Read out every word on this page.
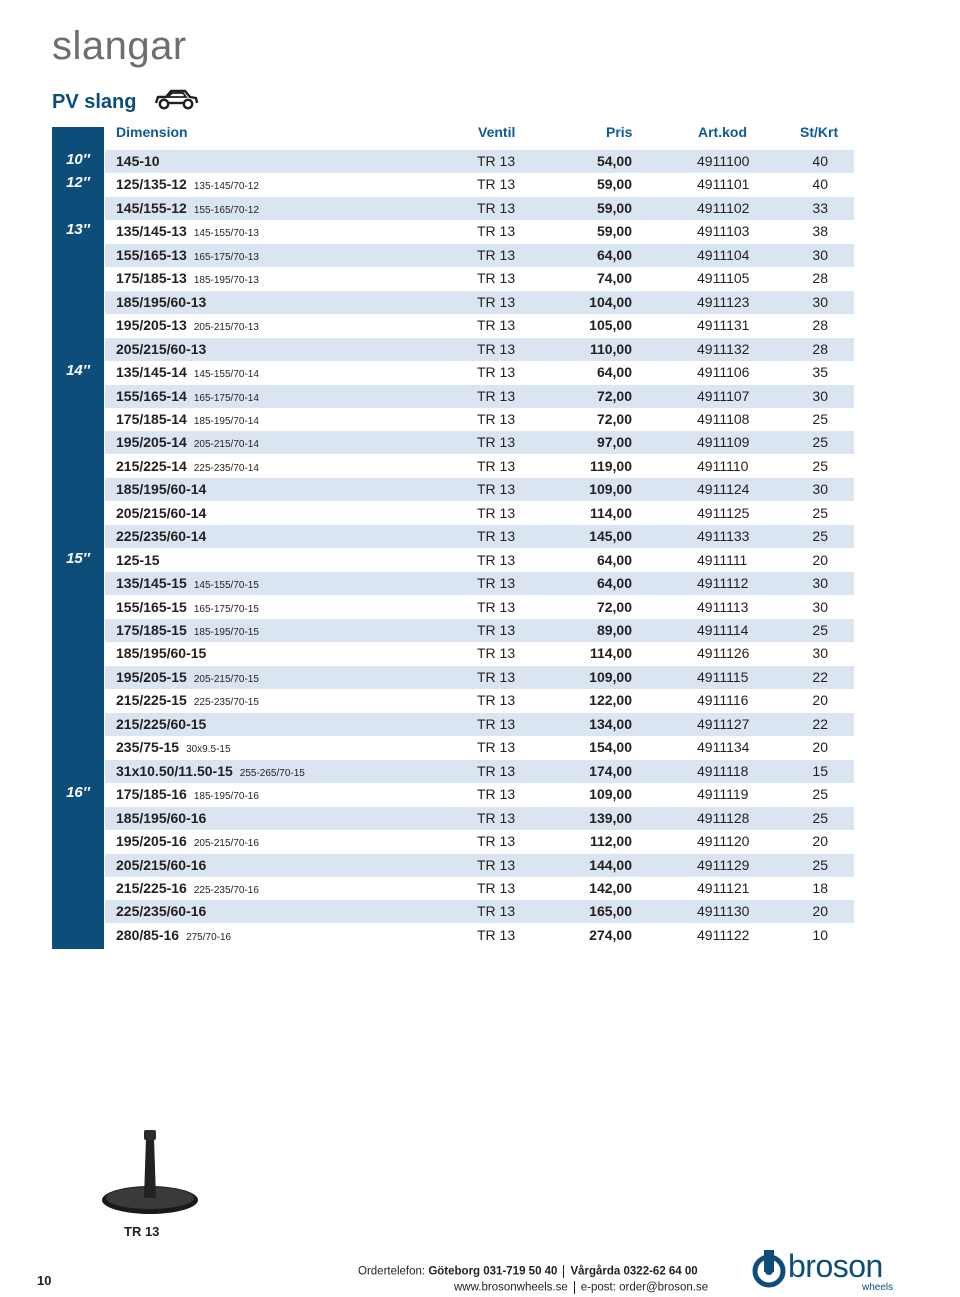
slangar
PV slang
Dimension	Ventil	Pris	Art.kod	St/Krt
10″
12″
13″
14″
15″
16″
145-10	TR 13	54,00	4911100	40
125/135-12 135-145/70-12	TR 13	59,00	4911101	40
145/155-12 155-165/70-12	TR 13	59,00	4911102	33
135/145-13 145-155/70-13	TR 13	59,00	4911103	38
155/165-13 165-175/70-13	TR 13	64,00	4911104	30
175/185-13 185-195/70-13	TR 13	74,00	4911105	28
185/195/60-13	TR 13	104,00	4911123	30
195/205-13 205-215/70-13	TR 13	105,00	4911131	28
205/215/60-13	TR 13	110,00	4911132	28
135/145-14 145-155/70-14	TR 13	64,00	4911106	35
155/165-14 165-175/70-14	TR 13	72,00	4911107	30
175/185-14 185-195/70-14	TR 13	72,00	4911108	25
195/205-14 205-215/70-14	TR 13	97,00	4911109	25
215/225-14 225-235/70-14	TR 13	119,00	4911110	25
185/195/60-14	TR 13	109,00	4911124	30
205/215/60-14	TR 13	114,00	4911125	25
225/235/60-14	TR 13	145,00	4911133	25
125-15	TR 13	64,00	4911111	20
135/145-15 145-155/70-15	TR 13	64,00	4911112	30
155/165-15 165-175/70-15	TR 13	72,00	4911113	30
175/185-15 185-195/70-15	TR 13	89,00	4911114	25
185/195/60-15	TR 13	114,00	4911126	30
195/205-15 205-215/70-15	TR 13	109,00	4911115	22
215/225-15 225-235/70-15	TR 13	122,00	4911116	20
215/225/60-15	TR 13	134,00	4911127	22
235/75-15 30x9.5-15	TR 13	154,00	4911134	20
31x10.50/11.50-15 255-265/70-15	TR 13	174,00	4911118	15
175/185-16 185-195/70-16	TR 13	109,00	4911119	25
185/195/60-16	TR 13	139,00	4911128	25
195/205-16 205-215/70-16	TR 13	112,00	4911120	20
205/215/60-16	TR 13	144,00	4911129	25
215/225-16 225-235/70-16	TR 13	142,00	4911121	18
225/235/60-16	TR 13	165,00	4911130	20
280/85-16 275/70-16	TR 13	274,00	4911122	10
TR 13
10
Ordertelefon: Göteborg 031-719 50 40 Vårgårda 0322-62 64 00
www.brosonwheels.se e-post: order@broson.se
broson
wheels
